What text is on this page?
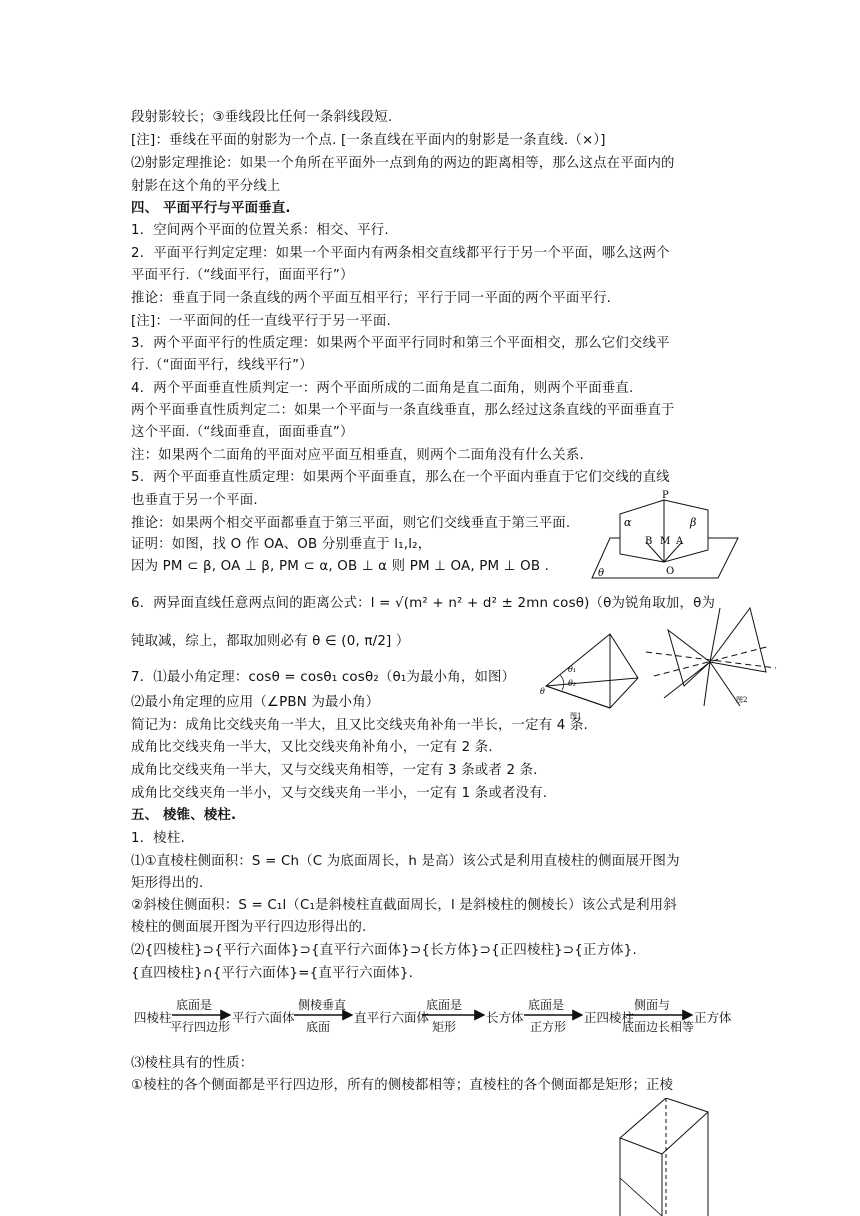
段射影较长；③垂线段比任何一条斜线段短.
[注]：垂线在平面的射影为一个点. [一条直线在平面内的射影是一条直线.（×）]
⑵射影定理推论：如果一个角所在平面外一点到角的两边的距离相等，那么这点在平面内的
射影在这个角的平分线上
四、 平面平行与平面垂直.
1．空间两个平面的位置关系：相交、平行.
2．平面平行判定定理：如果一个平面内有两条相交直线都平行于另一个平面，哪么这两个
平面平行.（“线面平行，面面平行”）
推论：垂直于同一条直线的两个平面互相平行；平行于同一平面的两个平面平行.
[注]：一平面间的任一直线平行于另一平面.
3．两个平面平行的性质定理：如果两个平面平行同时和第三个平面相交，那么它们交线平
行.（“面面平行，线线平行”）
4．两个平面垂直性质判定一：两个平面所成的二面角是直二面角，则两个平面垂直.
两个平面垂直性质判定二：如果一个平面与一条直线垂直，那么经过这条直线的平面垂直于
这个平面.（“线面垂直，面面垂直”）
注：如果两个二面角的平面对应平面互相垂直，则两个二面角没有什么关系.
5．两个平面垂直性质定理：如果两个平面垂直，那么在一个平面内垂直于它们交线的直线
也垂直于另一个平面.
推论：如果两个相交平面都垂直于第三平面，则它们交线垂直于第三平面.
证明：如图，找 O 作 OA、OB 分别垂直于 l₁,l₂，
因为 PM ⊂ β, OA ⊥ β, PM ⊂ α, OB ⊥ α 则 PM ⊥ OA, PM ⊥ OB .
6．两异面直线任意两点间的距离公式：l = √(m² + n² + d² ± 2mn cosθ)（θ为锐角取加，θ为
钝取减，综上，都取加则必有 θ ∈ (0, π/2] ）
7．⑴最小角定理：cosθ = cosθ₁ cosθ₂（θ₁为最小角，如图）
⑵最小角定理的应用（∠PBN 为最小角）
简记为：成角比交线夹角一半大，且又比交线夹角补角一半长，一定有 4 条.
成角比交线夹角一半大，又比交线夹角补角小，一定有 2 条.
成角比交线夹角一半大，又与交线夹角相等，一定有 3 条或者 2 条.
成角比交线夹角一半小，又与交线夹角一半小，一定有 1 条或者没有.
五、 棱锥、棱柱.
1．棱柱.
⑴①直棱柱侧面积：S = Ch（C 为底面周长，h 是高）该公式是利用直棱柱的侧面展开图为
矩形得出的.
②斜棱住侧面积：S = C₁l（C₁是斜棱柱直截面周长，l 是斜棱柱的侧棱长）该公式是利用斜
棱柱的侧面展开图为平行四边形得出的.
⑵{四棱柱}⊃{平行六面体}⊃{直平行六面体}⊃{长方体}⊃{正四棱柱}⊃{正方体}.
{直四棱柱}∩{平行六面体}={直平行六面体}.
⑶棱柱具有的性质：
①棱柱的各个侧面都是平行四边形，所有的侧棱都相等；直棱柱的各个侧面都是矩形；正棱
四棱柱
底面是
平行四边形
平行六面体
侧棱垂直
底面
直平行六面体
底面是
矩形
长方体
底面是
正方形
正四棱柱
侧面与
底面边长相等
正方体
P
α	β
B M A
O
θ
θ₁
θ₂
θ
图1
图2
